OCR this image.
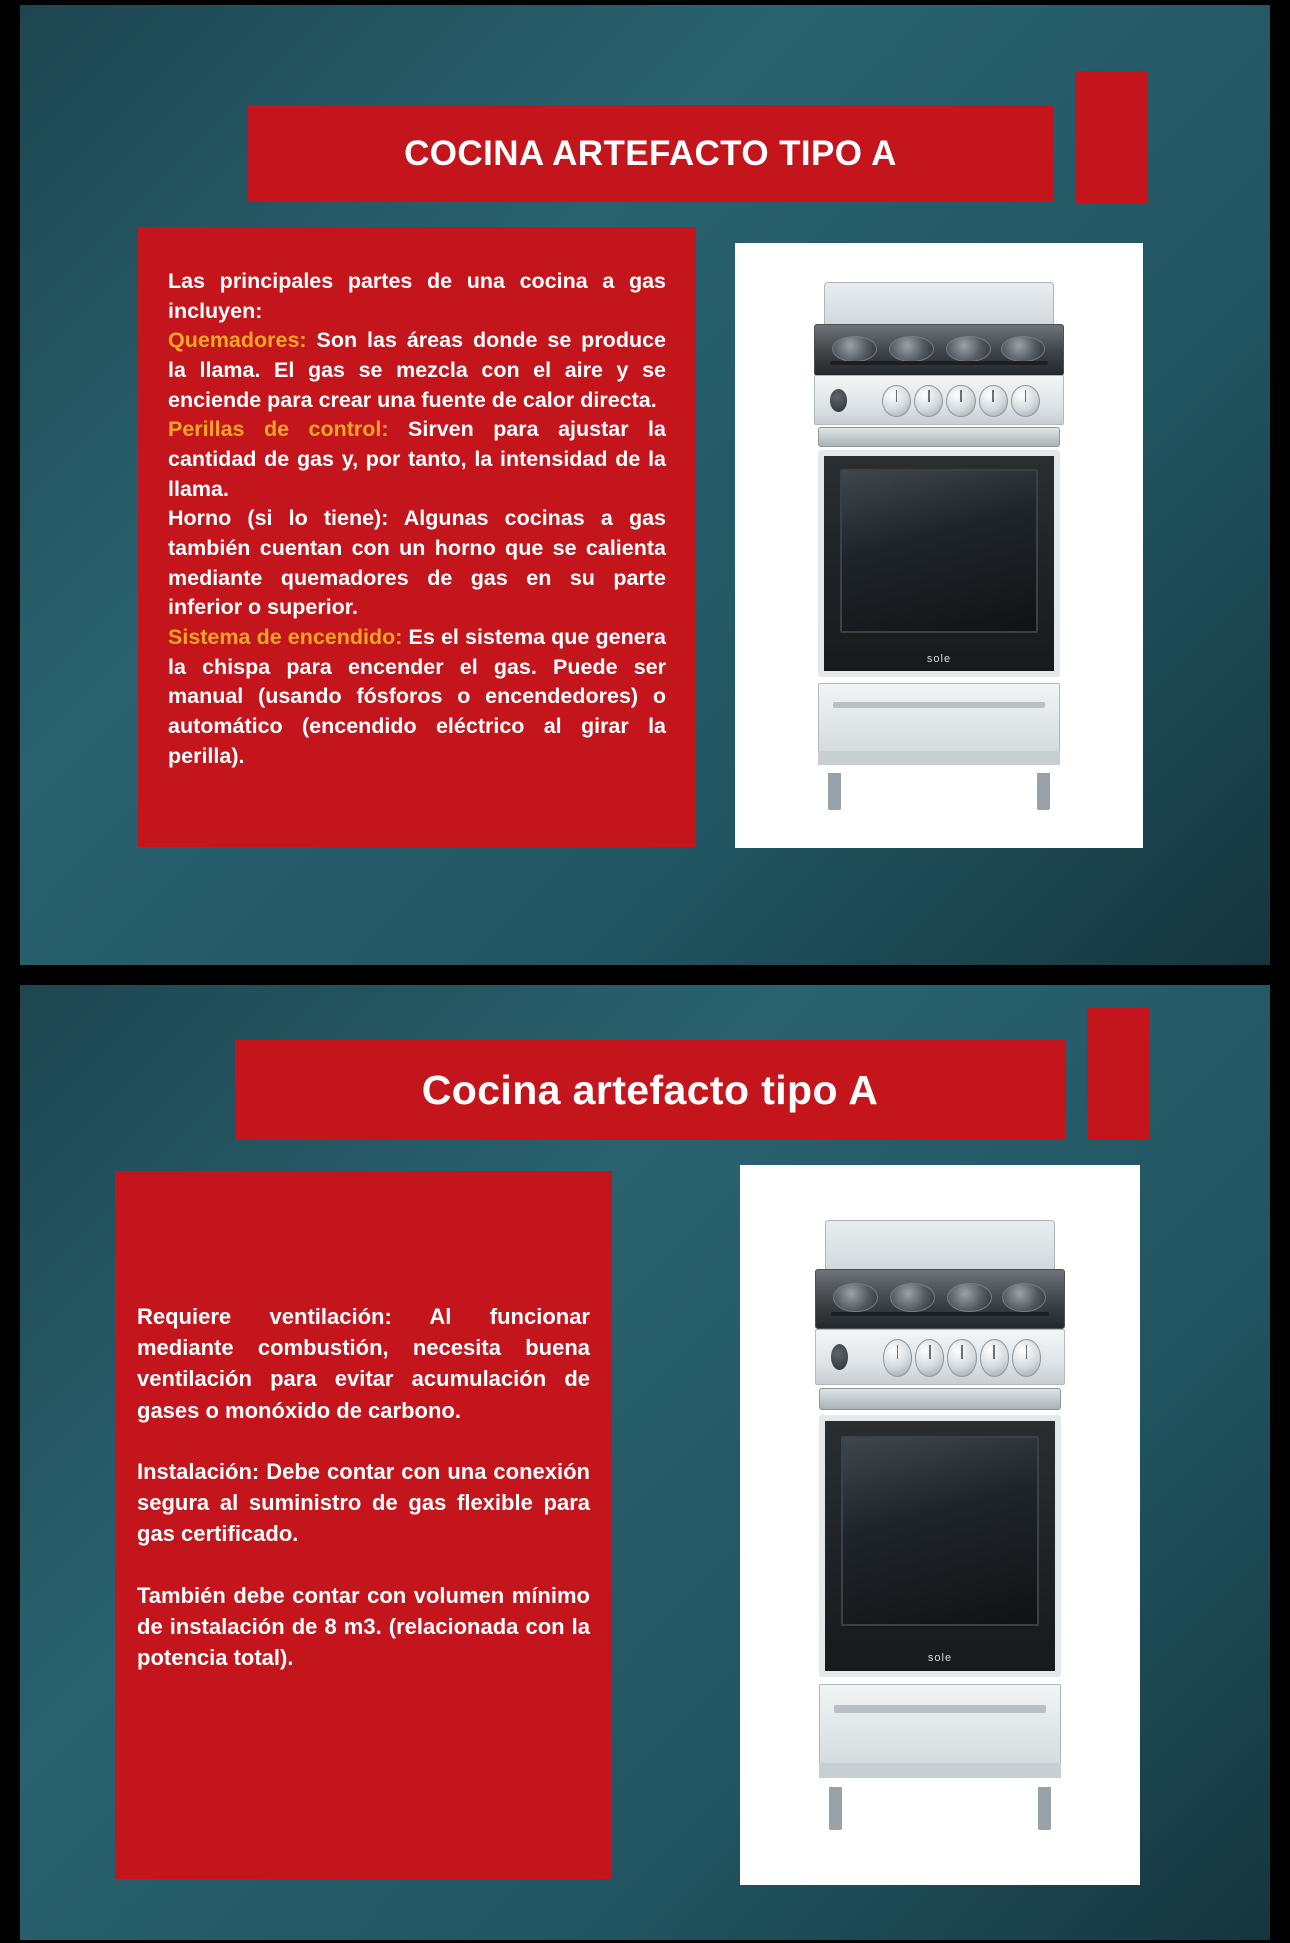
COCINA ARTEFACTO TIPO A

Las principales partes de una cocina a gas incluyen:

Quemadores: Son las áreas donde se produce la llama. El gas se mezcla con el aire y se enciende para crear una fuente de calor directa.

Perillas de control: Sirven para ajustar la cantidad de gas y, por tanto, la intensidad de la llama.

Horno (si lo tiene): Algunas cocinas a gas también cuentan con un horno que se calienta mediante quemadores de gas en su parte inferior o superior.

Sistema de encendido: Es el sistema que genera la chispa para encender el gas. Puede ser manual (usando fósforos o encendedores) o automático (encendido eléctrico al girar la perilla).

sole
Cocina artefacto tipo A

Requiere ventilación: Al funcionar mediante combustión, necesita buena ventilación para evitar acumulación de gases o monóxido de carbono.

Instalación: Debe contar con una conexión segura al suministro de gas flexible para gas certificado.

También debe contar con volumen mínimo de instalación de 8 m3. (relacionada con la potencia total).	sole
